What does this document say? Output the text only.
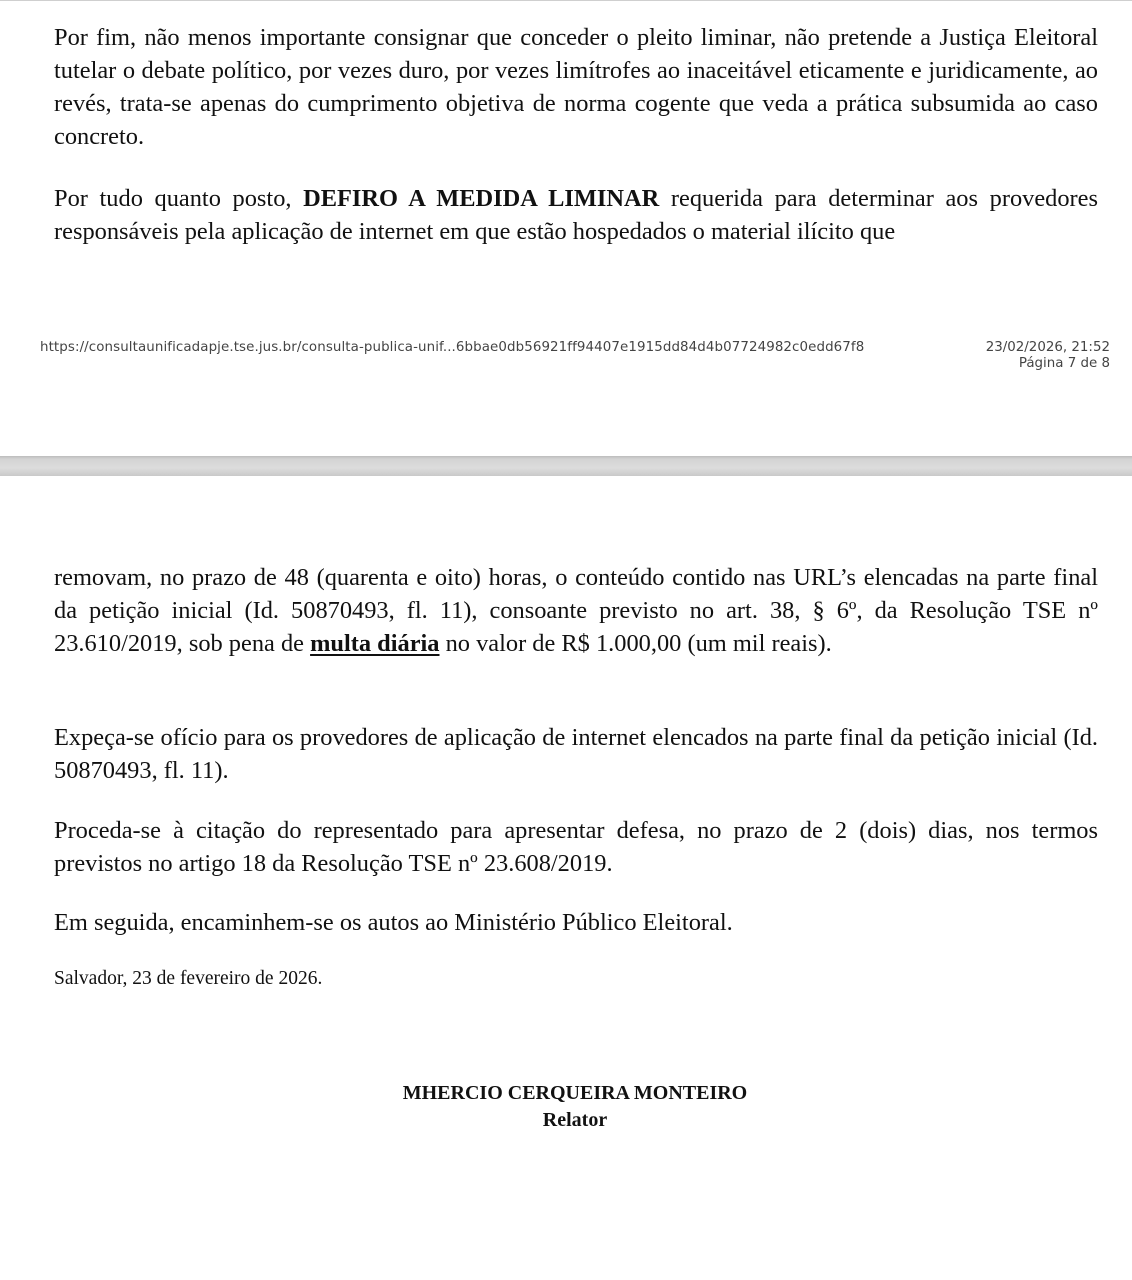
Por fim, não menos importante consignar que conceder o pleito liminar, não pretende a Justiça Eleitoral tutelar o debate político, por vezes duro, por vezes limítrofes ao inaceitável eticamente e juridicamente, ao revés, trata-se apenas do cumprimento objetiva de norma cogente que veda a prática subsumida ao caso concreto.

Por tudo quanto posto, DEFIRO A MEDIDA LIMINAR requerida para determinar aos provedores responsáveis pela aplicação de internet em que estão hospedados o material ilícito que

https://consultaunificadapje.tse.jus.br/consulta-publica-unif...6bbae0db56921ff94407e1915dd84d4b07724982c0edd67f8	23/02/2026, 21:52
Página 7 de 8

removam, no prazo de 48 (quarenta e oito) horas, o conteúdo contido nas URL’s elencadas na parte final da petição inicial (Id. 50870493, fl. 11), consoante previsto no art. 38, § 6º, da Resolução TSE nº 23.610/2019, sob pena de multa diária no valor de R$ 1.000,00 (um mil reais).

Expeça-se ofício para os provedores de aplicação de internet elencados na parte final da petição inicial (Id. 50870493, fl. 11).

Proceda-se à citação do representado para apresentar defesa, no prazo de 2 (dois) dias, nos termos previstos no artigo 18 da Resolução TSE nº 23.608/2019.

Em seguida, encaminhem-se os autos ao Ministério Público Eleitoral.

Salvador, 23 de fevereiro de 2026.

MHERCIO CERQUEIRA MONTEIRO

Relator
